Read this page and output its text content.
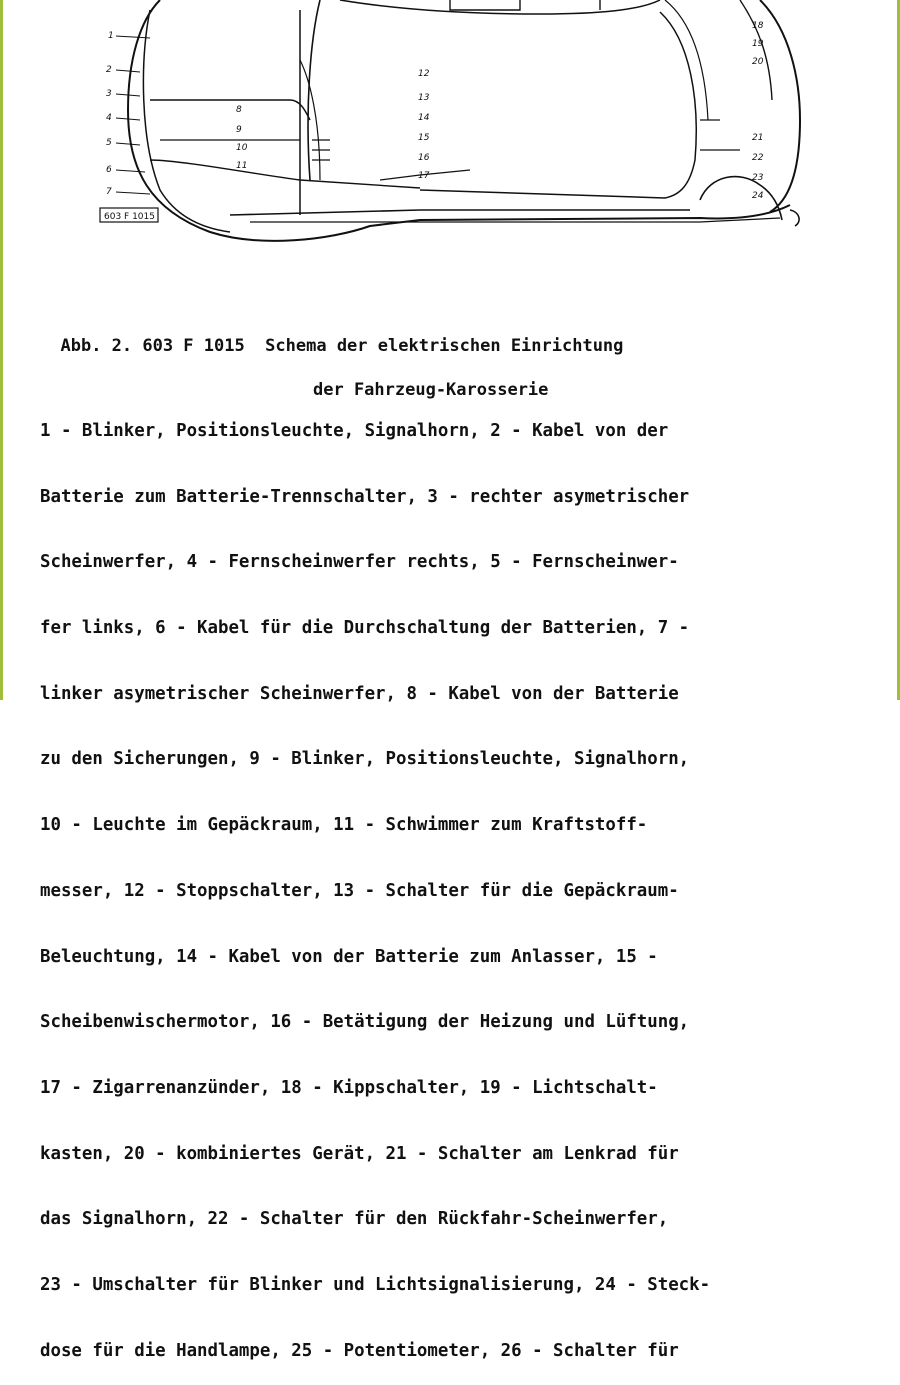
1
2
3
4
5
6
7
8
9
10
11
12
13
14
15
16
17
18
19
20
21
22
23
24
603 F 1015

Abb. 2. 603 F 1015  Schema der elektrischen Einrichtung

der Fahrzeug-Karosserie

1 - Blinker, Positionsleuchte, Signalhorn, 2 - Kabel von der

Batterie zum Batterie-Trennschalter, 3 - rechter asymetrischer

Scheinwerfer, 4 - Fernscheinwerfer rechts, 5 - Fernscheinwer-

fer links, 6 - Kabel für die Durchschaltung der Batterien, 7 -

linker asymetrischer Scheinwerfer, 8 - Kabel von der Batterie

zu den Sicherungen, 9 - Blinker, Positionsleuchte, Signalhorn,

10 - Leuchte im Gepäckraum, 11 - Schwimmer zum Kraftstoff-

messer, 12 - Stoppschalter, 13 - Schalter für die Gepäckraum-

Beleuchtung, 14 - Kabel von der Batterie zum Anlasser, 15 -

Scheibenwischermotor, 16 - Betätigung der Heizung und Lüftung,

17 - Zigarrenanzünder, 18 - Kippschalter, 19 - Lichtschalt-

kasten, 20 - kombiniertes Gerät, 21 - Schalter am Lenkrad für

das Signalhorn, 22 - Schalter für den Rückfahr-Scheinwerfer,

23 - Umschalter für Blinker und Lichtsignalisierung, 24 - Steck-

dose für die Handlampe, 25 - Potentiometer, 26 - Schalter für
